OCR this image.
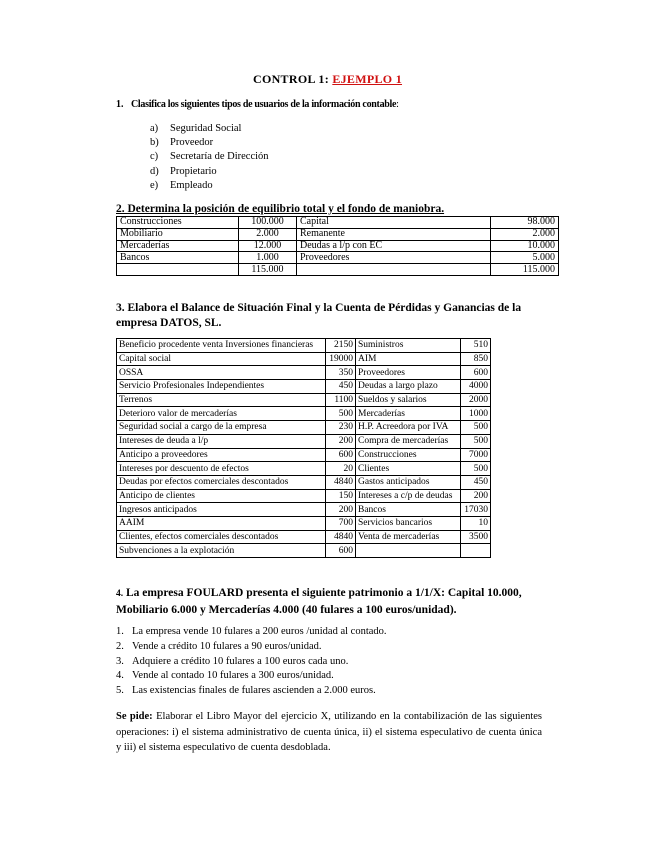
CONTROL 1: EJEMPLO 1
1. Clasifica los siguientes tipos de usuarios de la información contable:
a) Seguridad Social
b) Proveedor
c) Secretaría de Dirección
d) Propietario
e) Empleado
2. Determina la posición de equilibrio total y el fondo de maniobra.
Construcciones	100.000	Capital	98.000
Mobiliario	2.000	Remanente	2.000
Mercaderías	12.000	Deudas a l/p con EC	10.000
Bancos	1.000	Proveedores	5.000
	115.000		115.000
3. Elabora el Balance de Situación Final y la Cuenta de Pérdidas y Ganancias de la empresa DATOS, SL.
Beneficio procedente venta Inversiones financieras	2150	Suministros	510
Capital social	19000	AIM	850
OSSA	350	Proveedores	600
Servicio Profesionales Independientes	450	Deudas a largo plazo	4000
Terrenos	1100	Sueldos y salarios	2000
Deterioro valor de mercaderías	500	Mercaderías	1000
Seguridad social a cargo de la empresa	230	H.P. Acreedora por IVA	500
Intereses de deuda a l/p	200	Compra de mercaderías	500
Anticipo a proveedores	600	Construcciones	7000
Intereses por descuento de efectos	20	Clientes	500
Deudas por efectos comerciales descontados	4840	Gastos anticipados	450
Anticipo de clientes	150	Intereses a c/p de deudas	200
Ingresos anticipados	200	Bancos	17030
AAIM	700	Servicios bancarios	10
Clientes, efectos comerciales descontados	4840	Venta de mercaderías	3500
Subvenciones a la explotación	600		
4. La empresa FOULARD presenta el siguiente patrimonio a 1/1/X: Capital 10.000, Mobiliario 6.000 y Mercaderías 4.000 (40 fulares a 100 euros/unidad).
1. La empresa vende 10 fulares a 200 euros /unidad al contado.
2. Vende a crédito 10 fulares a 90 euros/unidad.
3. Adquiere a crédito 10 fulares a 100 euros cada uno.
4. Vende al contado 10 fulares a 300 euros/unidad.
5. Las existencias finales de fulares ascienden a 2.000 euros.
Se pide: Elaborar el Libro Mayor del ejercicio X, utilizando en la contabilización de las siguientes operaciones: i) el sistema administrativo de cuenta única, ii) el sistema especulativo de cuenta única y iii) el sistema especulativo de cuenta desdoblada.
